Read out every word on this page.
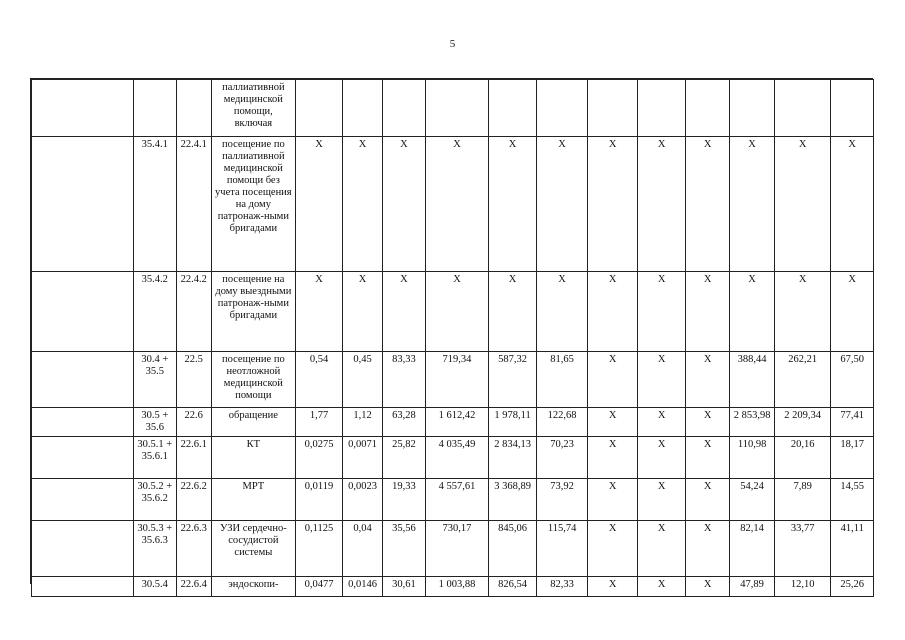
5
			паллиативной медицинской помощи, включая												
	35.4.1	22.4.1	посещение по паллиативной медицинской помощи без учета посещения на дому патронаж-ными бригадами	X	X	X	X	X	X	X	X	X	X	X	X
	35.4.2	22.4.2	посещение на дому выездными патронаж-ными бригадами	X	X	X	X	X	X	X	X	X	X	X	X
	30.4 + 35.5	22.5	посещение по неотложной медицинской помощи	0,54	0,45	83,33	719,34	587,32	81,65	X	X	X	388,44	262,21	67,50
	30.5 + 35.6	22.6	обращение	1,77	1,12	63,28	1 612,42	1 978,11	122,68	X	X	X	2 853,98	2 209,34	77,41
	30.5.1 + 35.6.1	22.6.1	КТ	0,0275	0,0071	25,82	4 035,49	2 834,13	70,23	X	X	X	110,98	20,16	18,17
	30.5.2 + 35.6.2	22.6.2	МРТ	0,0119	0,0023	19,33	4 557,61	3 368,89	73,92	X	X	X	54,24	7,89	14,55
	30.5.3 + 35.6.3	22.6.3	УЗИ сердечно-сосудистой системы	0,1125	0,04	35,56	730,17	845,06	115,74	X	X	X	82,14	33,77	41,11
	30.5.4	22.6.4	эндоскопи-	0,0477	0,0146	30,61	1 003,88	826,54	82,33	X	X	X	47,89	12,10	25,26
